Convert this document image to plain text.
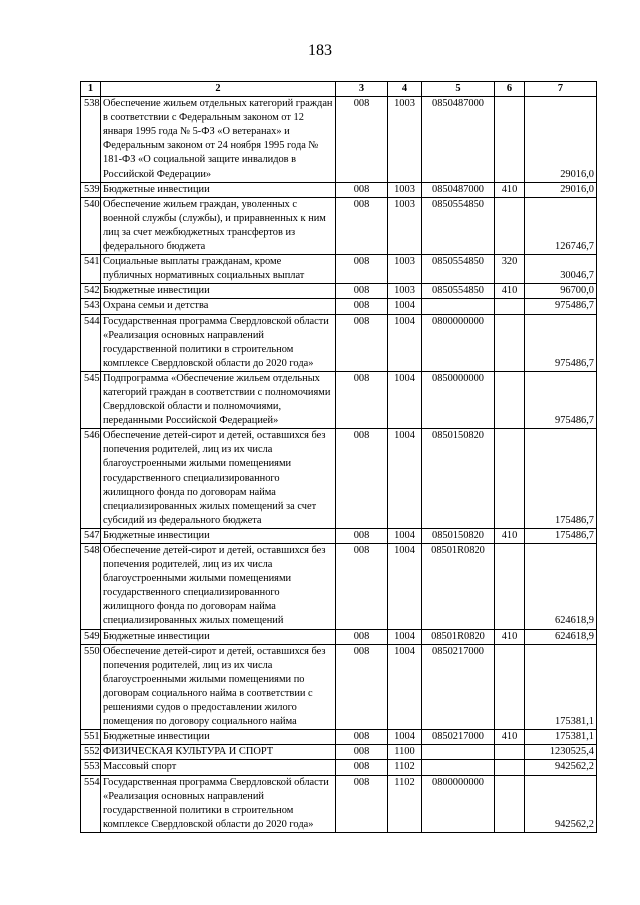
183
1	2	3	4	5	6	7
538	Обеспечение жильем отдельных категорий граждан в соответствии с Федеральным законом от 12 января 1995 года № 5-ФЗ «О ветеранах» и Федеральным законом от 24 ноября 1995 года № 181-ФЗ «О социальной защите инвалидов в Российской Федерации»	008	1003	0850487000		29016,0
539	Бюджетные инвестиции	008	1003	0850487000	410	29016,0
540	Обеспечение жильем граждан, уволенных с военной службы (службы), и приравненных к ним лиц за счет межбюджетных трансфертов из федерального бюджета	008	1003	0850554850		126746,7
541	Социальные выплаты гражданам, кроме публичных нормативных социальных выплат	008	1003	0850554850	320	30046,7
542	Бюджетные инвестиции	008	1003	0850554850	410	96700,0
543	Охрана семьи и детства	008	1004			975486,7
544	Государственная программа Свердловской области «Реализация основных направлений государственной политики в строительном комплексе Свердловской области до 2020 года»	008	1004	0800000000		975486,7
545	Подпрограмма «Обеспечение жильем отдельных категорий граждан в соответствии с полномочиями Свердловской области и полномочиями, переданными Российской Федерацией»	008	1004	0850000000		975486,7
546	Обеспечение детей-сирот и детей, оставшихся без попечения родителей, лиц из их числа благоустроенными жилыми помещениями государственного специализированного жилищного фонда по договорам найма специализированных жилых помещений за счет субсидий из федерального бюджета	008	1004	0850150820		175486,7
547	Бюджетные инвестиции	008	1004	0850150820	410	175486,7
548	Обеспечение детей-сирот и детей, оставшихся без попечения родителей, лиц из их числа благоустроенными жилыми помещениями государственного специализированного жилищного фонда по договорам найма специализированных жилых помещений	008	1004	08501R0820		624618,9
549	Бюджетные инвестиции	008	1004	08501R0820	410	624618,9
550	Обеспечение детей-сирот и детей, оставшихся без попечения родителей, лиц из их числа благоустроенными жилыми помещениями по договорам социального найма в соответствии с решениями судов о предоставлении жилого помещения по договору социального найма	008	1004	0850217000		175381,1
551	Бюджетные инвестиции	008	1004	0850217000	410	175381,1
552	ФИЗИЧЕСКАЯ КУЛЬТУРА И СПОРТ	008	1100			1230525,4
553	Массовый спорт	008	1102			942562,2
554	Государственная программа Свердловской области «Реализация основных направлений государственной политики в строительном комплексе Свердловской области до 2020 года»	008	1102	0800000000		942562,2
